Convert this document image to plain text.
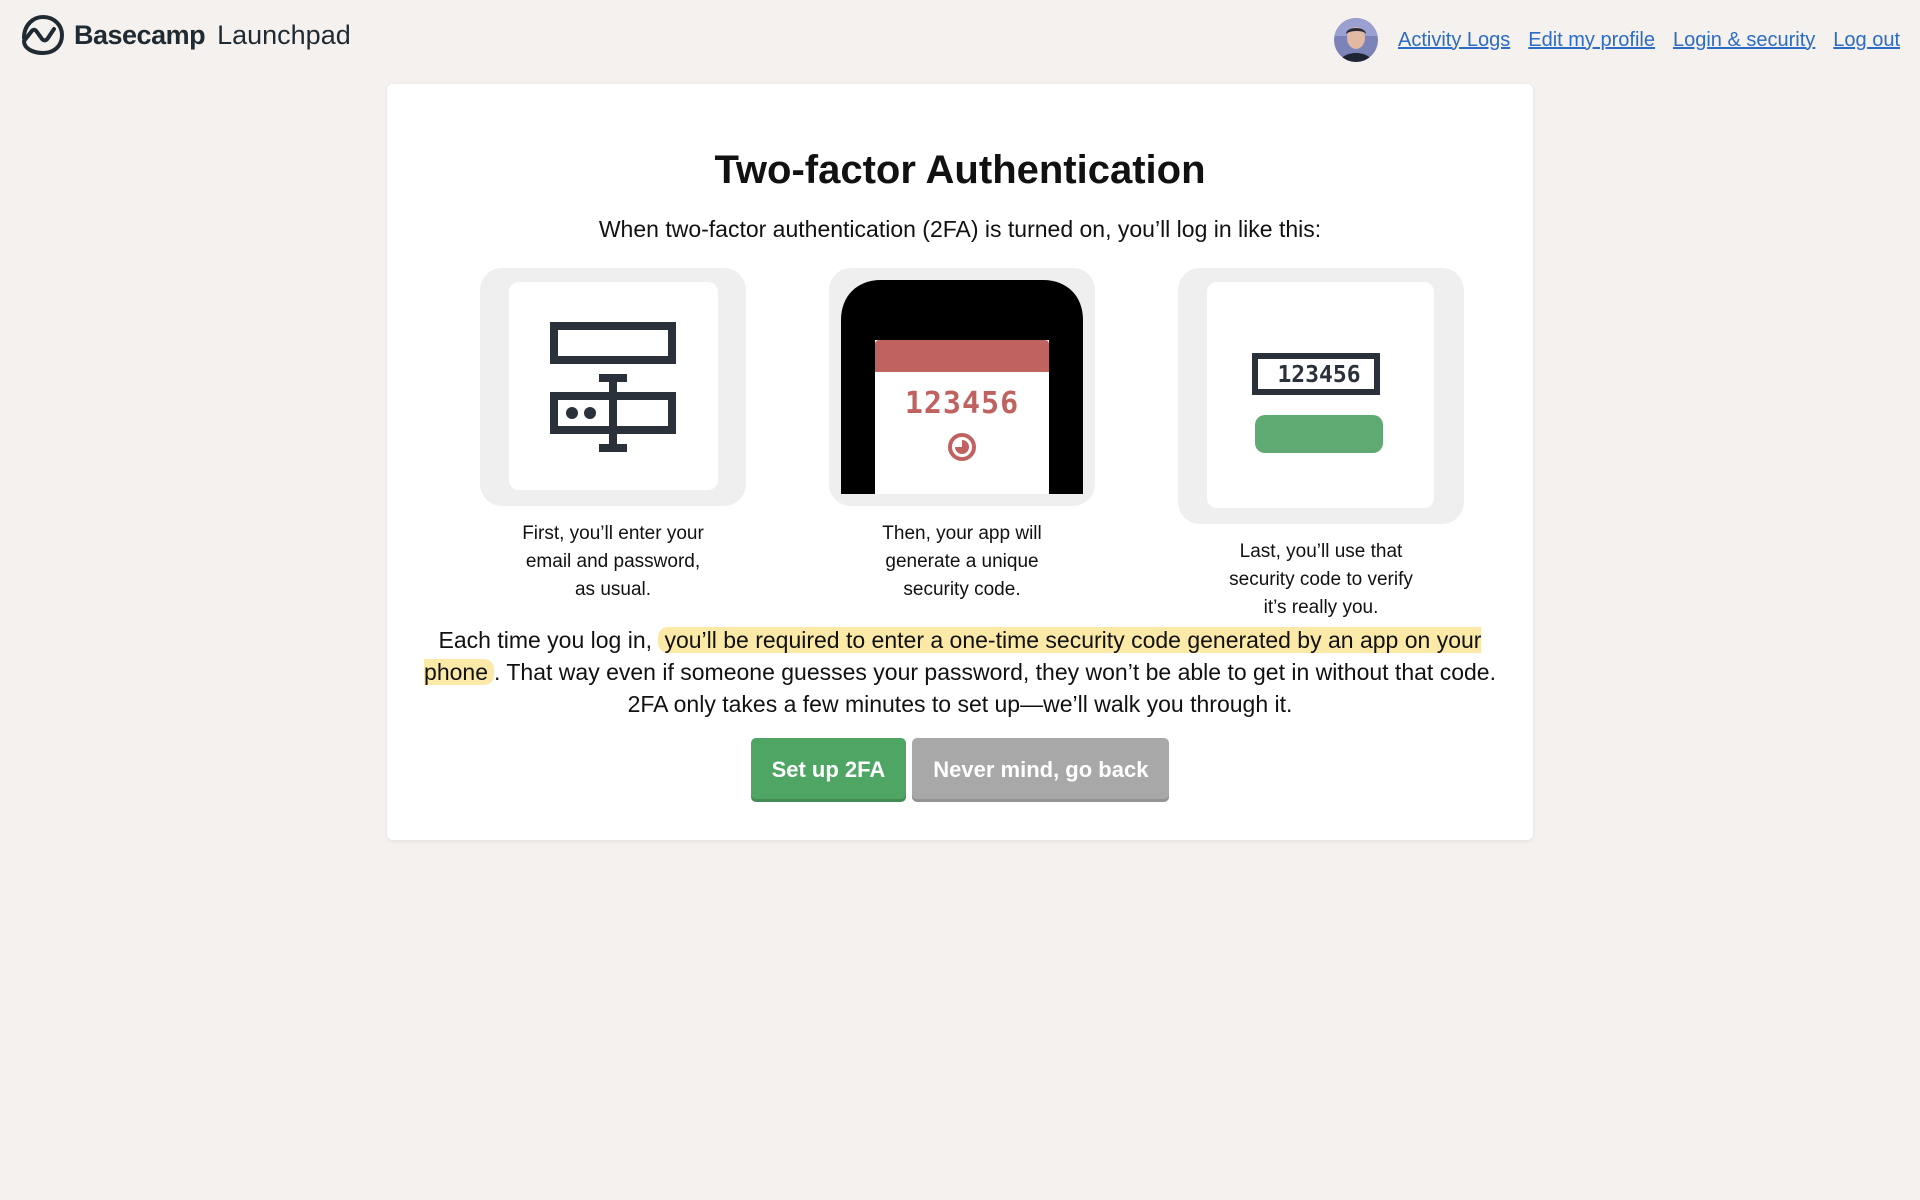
Basecamp Launchpad	Activity Logs Edit my profile Login & security Log out
Two-factor Authentication
When two-factor authentication (2FA) is turned on, you’ll log in like this:
First, you’ll enter your
email and password,
as usual.
123456
Then, your app will
generate a unique
security code.
123456
Last, you’ll use that
security code to verify
it’s really you.
Each time you log in, you’ll be required to enter a one-time security code generated by an app on your phone . That way even if someone guesses your password, they won’t be able to get in without that code. 2FA only takes a few minutes to set up—we’ll walk you through it.
Set up 2FA	Never mind, go back
